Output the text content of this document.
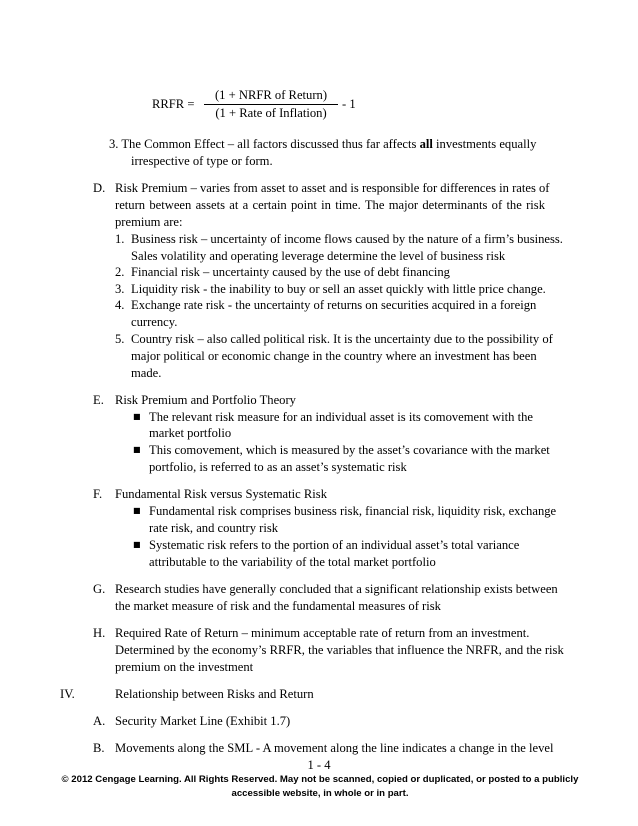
RRFR =
(1 + NRFR of Return)
(1 + Rate of Inflation)
- 1
3. The Common Effect – all factors discussed thus far affects all investments equally
irrespective of type or form.
D. Risk Premium – varies from asset to asset and is responsible for differences in rates of
return between assets at a certain point in time. The major determinants of the risk
premium are:
1. Business risk – uncertainty of income flows caused by the nature of a firm’s business.
Sales volatility and operating leverage determine the level of business risk
2. Financial risk – uncertainty caused by the use of debt financing
3. Liquidity risk - the inability to buy or sell an asset quickly with little price change.
4. Exchange rate risk - the uncertainty of returns on securities acquired in a foreign
currency.
5. Country risk – also called political risk. It is the uncertainty due to the possibility of
major political or economic change in the country where an investment has been
made.
E. Risk Premium and Portfolio Theory
■ The relevant risk measure for an individual asset is its comovement with the
market portfolio
■ This comovement, which is measured by the asset’s covariance with the market
portfolio, is referred to as an asset’s systematic risk
F. Fundamental Risk versus Systematic Risk
■ Fundamental risk comprises business risk, financial risk, liquidity risk, exchange
rate risk, and country risk
■ Systematic risk refers to the portion of an individual asset’s total variance
attributable to the variability of the total market portfolio
G. Research studies have generally concluded that a significant relationship exists between
the market measure of risk and the fundamental measures of risk
H. Required Rate of Return – minimum acceptable rate of return from an investment.
Determined by the economy’s RRFR, the variables that influence the NRFR, and the risk
premium on the investment
IV.	Relationship between Risks and Return
A. Security Market Line (Exhibit 1.7)
B. Movements along the SML - A movement along the line indicates a change in the level
1 - 4
© 2012 Cengage Learning. All Rights Reserved. May not be scanned, copied or duplicated, or posted to a publicly accessible website, in whole or in part.
